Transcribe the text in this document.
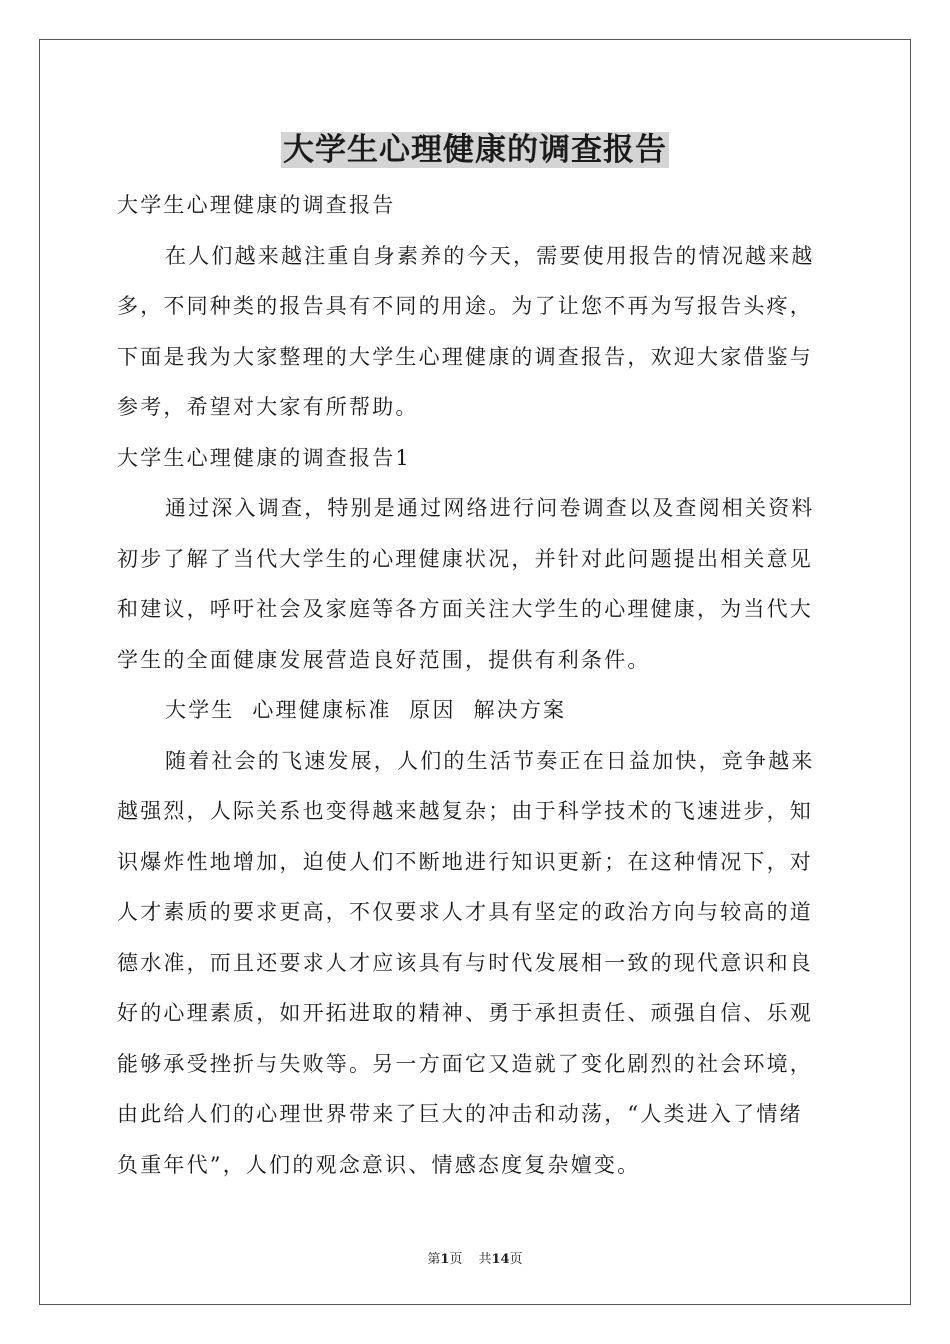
大学生心理健康的调查报告
大学生心理健康的调查报告
在人们越来越注重自身素养的今天，需要使用报告的情况越来越
多，不同种类的报告具有不同的用途。为了让您不再为写报告头疼，
下面是我为大家整理的大学生心理健康的调查报告，欢迎大家借鉴与
参考，希望对大家有所帮助。
大学生心理健康的调查报告1
通过深入调查，特别是通过网络进行问卷调查以及查阅相关资料
初步了解了当代大学生的心理健康状况，并针对此问题提出相关意见
和建议，呼吁社会及家庭等各方面关注大学生的心理健康，为当代大
学生的全面健康发展营造良好范围，提供有利条件。
大学生  心理健康标准  原因  解决方案
随着社会的飞速发展，人们的生活节奏正在日益加快，竞争越来
越强烈，人际关系也变得越来越复杂；由于科学技术的飞速进步，知
识爆炸性地增加，迫使人们不断地进行知识更新；在这种情况下，对
人才素质的要求更高，不仅要求人才具有坚定的政治方向与较高的道
德水准，而且还要求人才应该具有与时代发展相一致的现代意识和良
好的心理素质，如开拓进取的精神、勇于承担责任、顽强自信、乐观
能够承受挫折与失败等。另一方面它又造就了变化剧烈的社会环境，
由此给人们的心理世界带来了巨大的冲击和动荡，“人类进入了情绪
负重年代”，人们的观念意识、情感态度复杂嬗变。
第1页 共14页
